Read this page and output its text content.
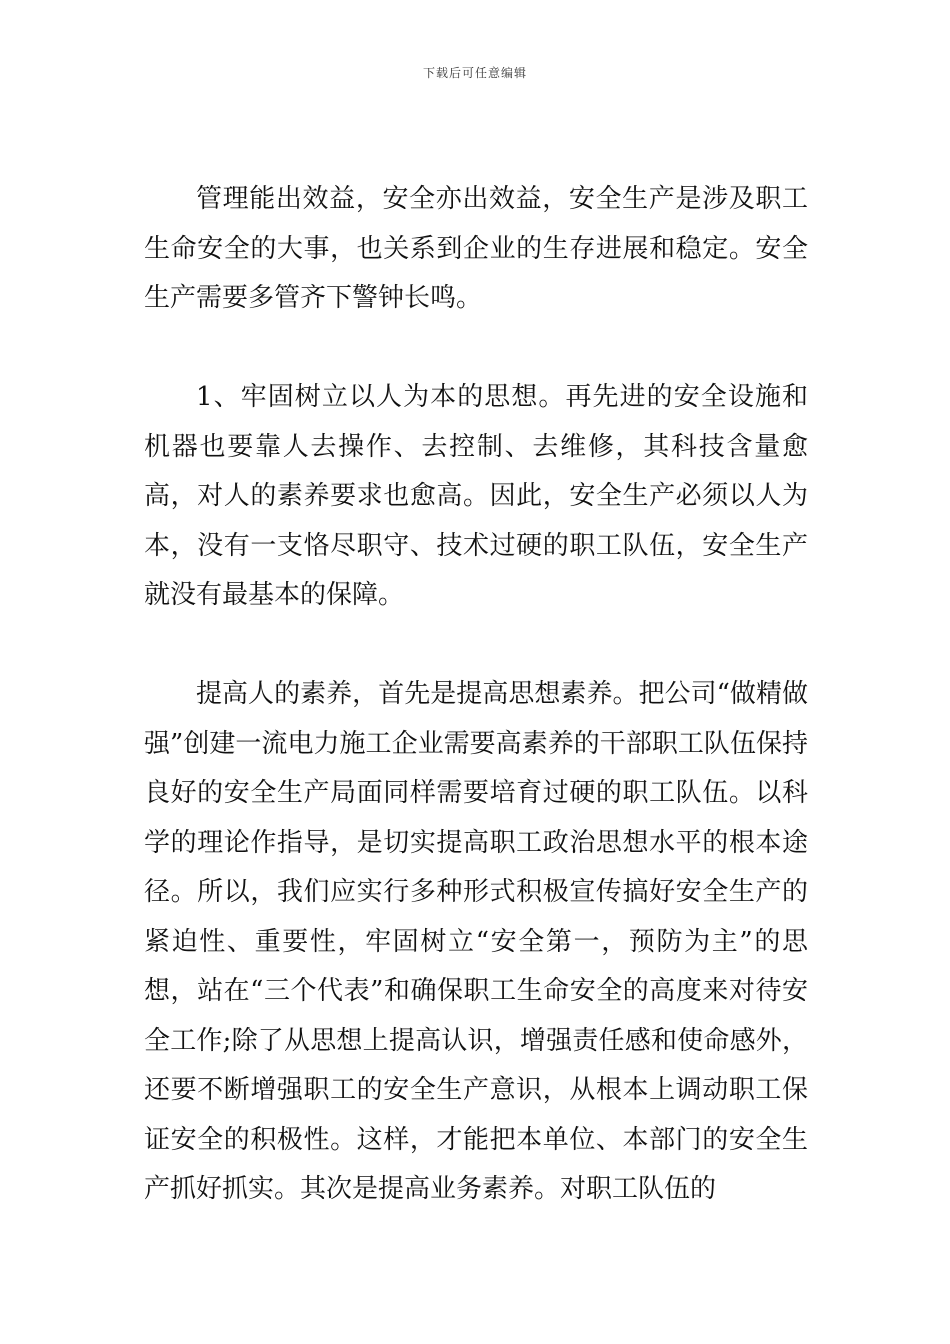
下载后可任意编辑

管理能出效益，安全亦出效益，安全生产是涉及职工生命安全的大事，也关系到企业的生存进展和稳定。安全生产需要多管齐下警钟长鸣。

1、牢固树立以人为本的思想。再先进的安全设施和机器也要靠人去操作、去控制、去维修，其科技含量愈高，对人的素养要求也愈高。因此，安全生产必须以人为本，没有一支恪尽职守、技术过硬的职工队伍，安全生产就没有最基本的保障。

提高人的素养，首先是提高思想素养。把公司“做精做强”创建一流电力施工企业需要高素养的干部职工队伍保持良好的安全生产局面同样需要培育过硬的职工队伍。以科学的理论作指导，是切实提高职工政治思想水平的根本途径。所以，我们应实行多种形式积极宣传搞好安全生产的紧迫性、重要性，牢固树立“安全第一，预防为主”的思想，站在“三个代表”和确保职工生命安全的高度来对待安全工作;除了从思想上提高认识，增强责任感和使命感外，还要不断增强职工的安全生产意识，从根本上调动职工保证安全的积极性。这样，才能把本单位、本部门的安全生产抓好抓实。其次是提高业务素养。对职工队伍的
